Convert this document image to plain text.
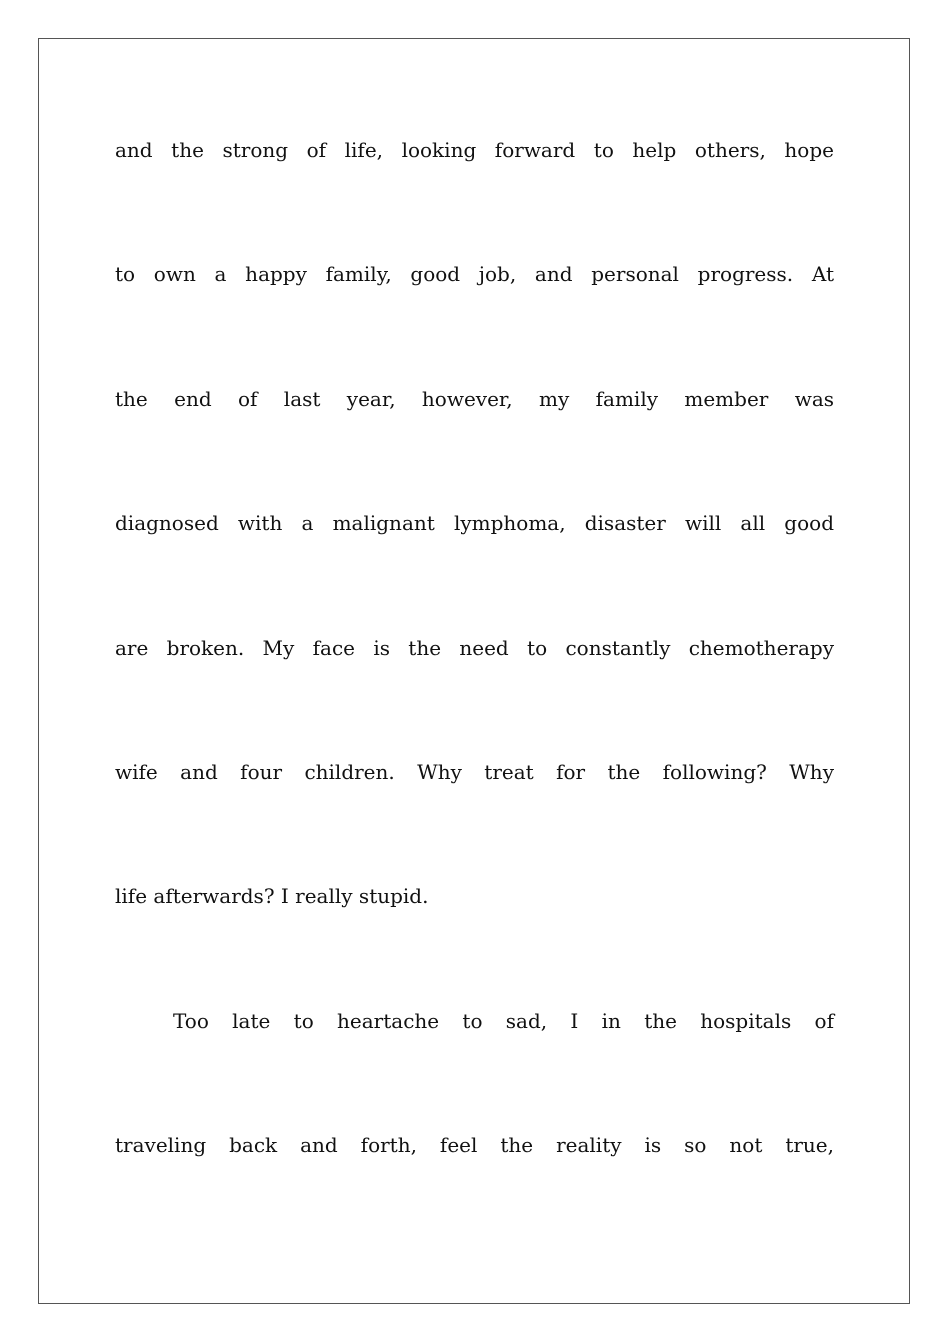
and the strong of life, looking forward to help others, hope
to own a happy family, good job, and personal progress. At
the end of last year, however, my family member was
diagnosed with a malignant lymphoma, disaster will all good
are broken. My face is the need to constantly chemotherapy
wife and four children. Why treat for the following? Why
life afterwards? I really stupid.
Too late to heartache to sad, I in the hospitals of
traveling back and forth, feel the reality is so not true,
